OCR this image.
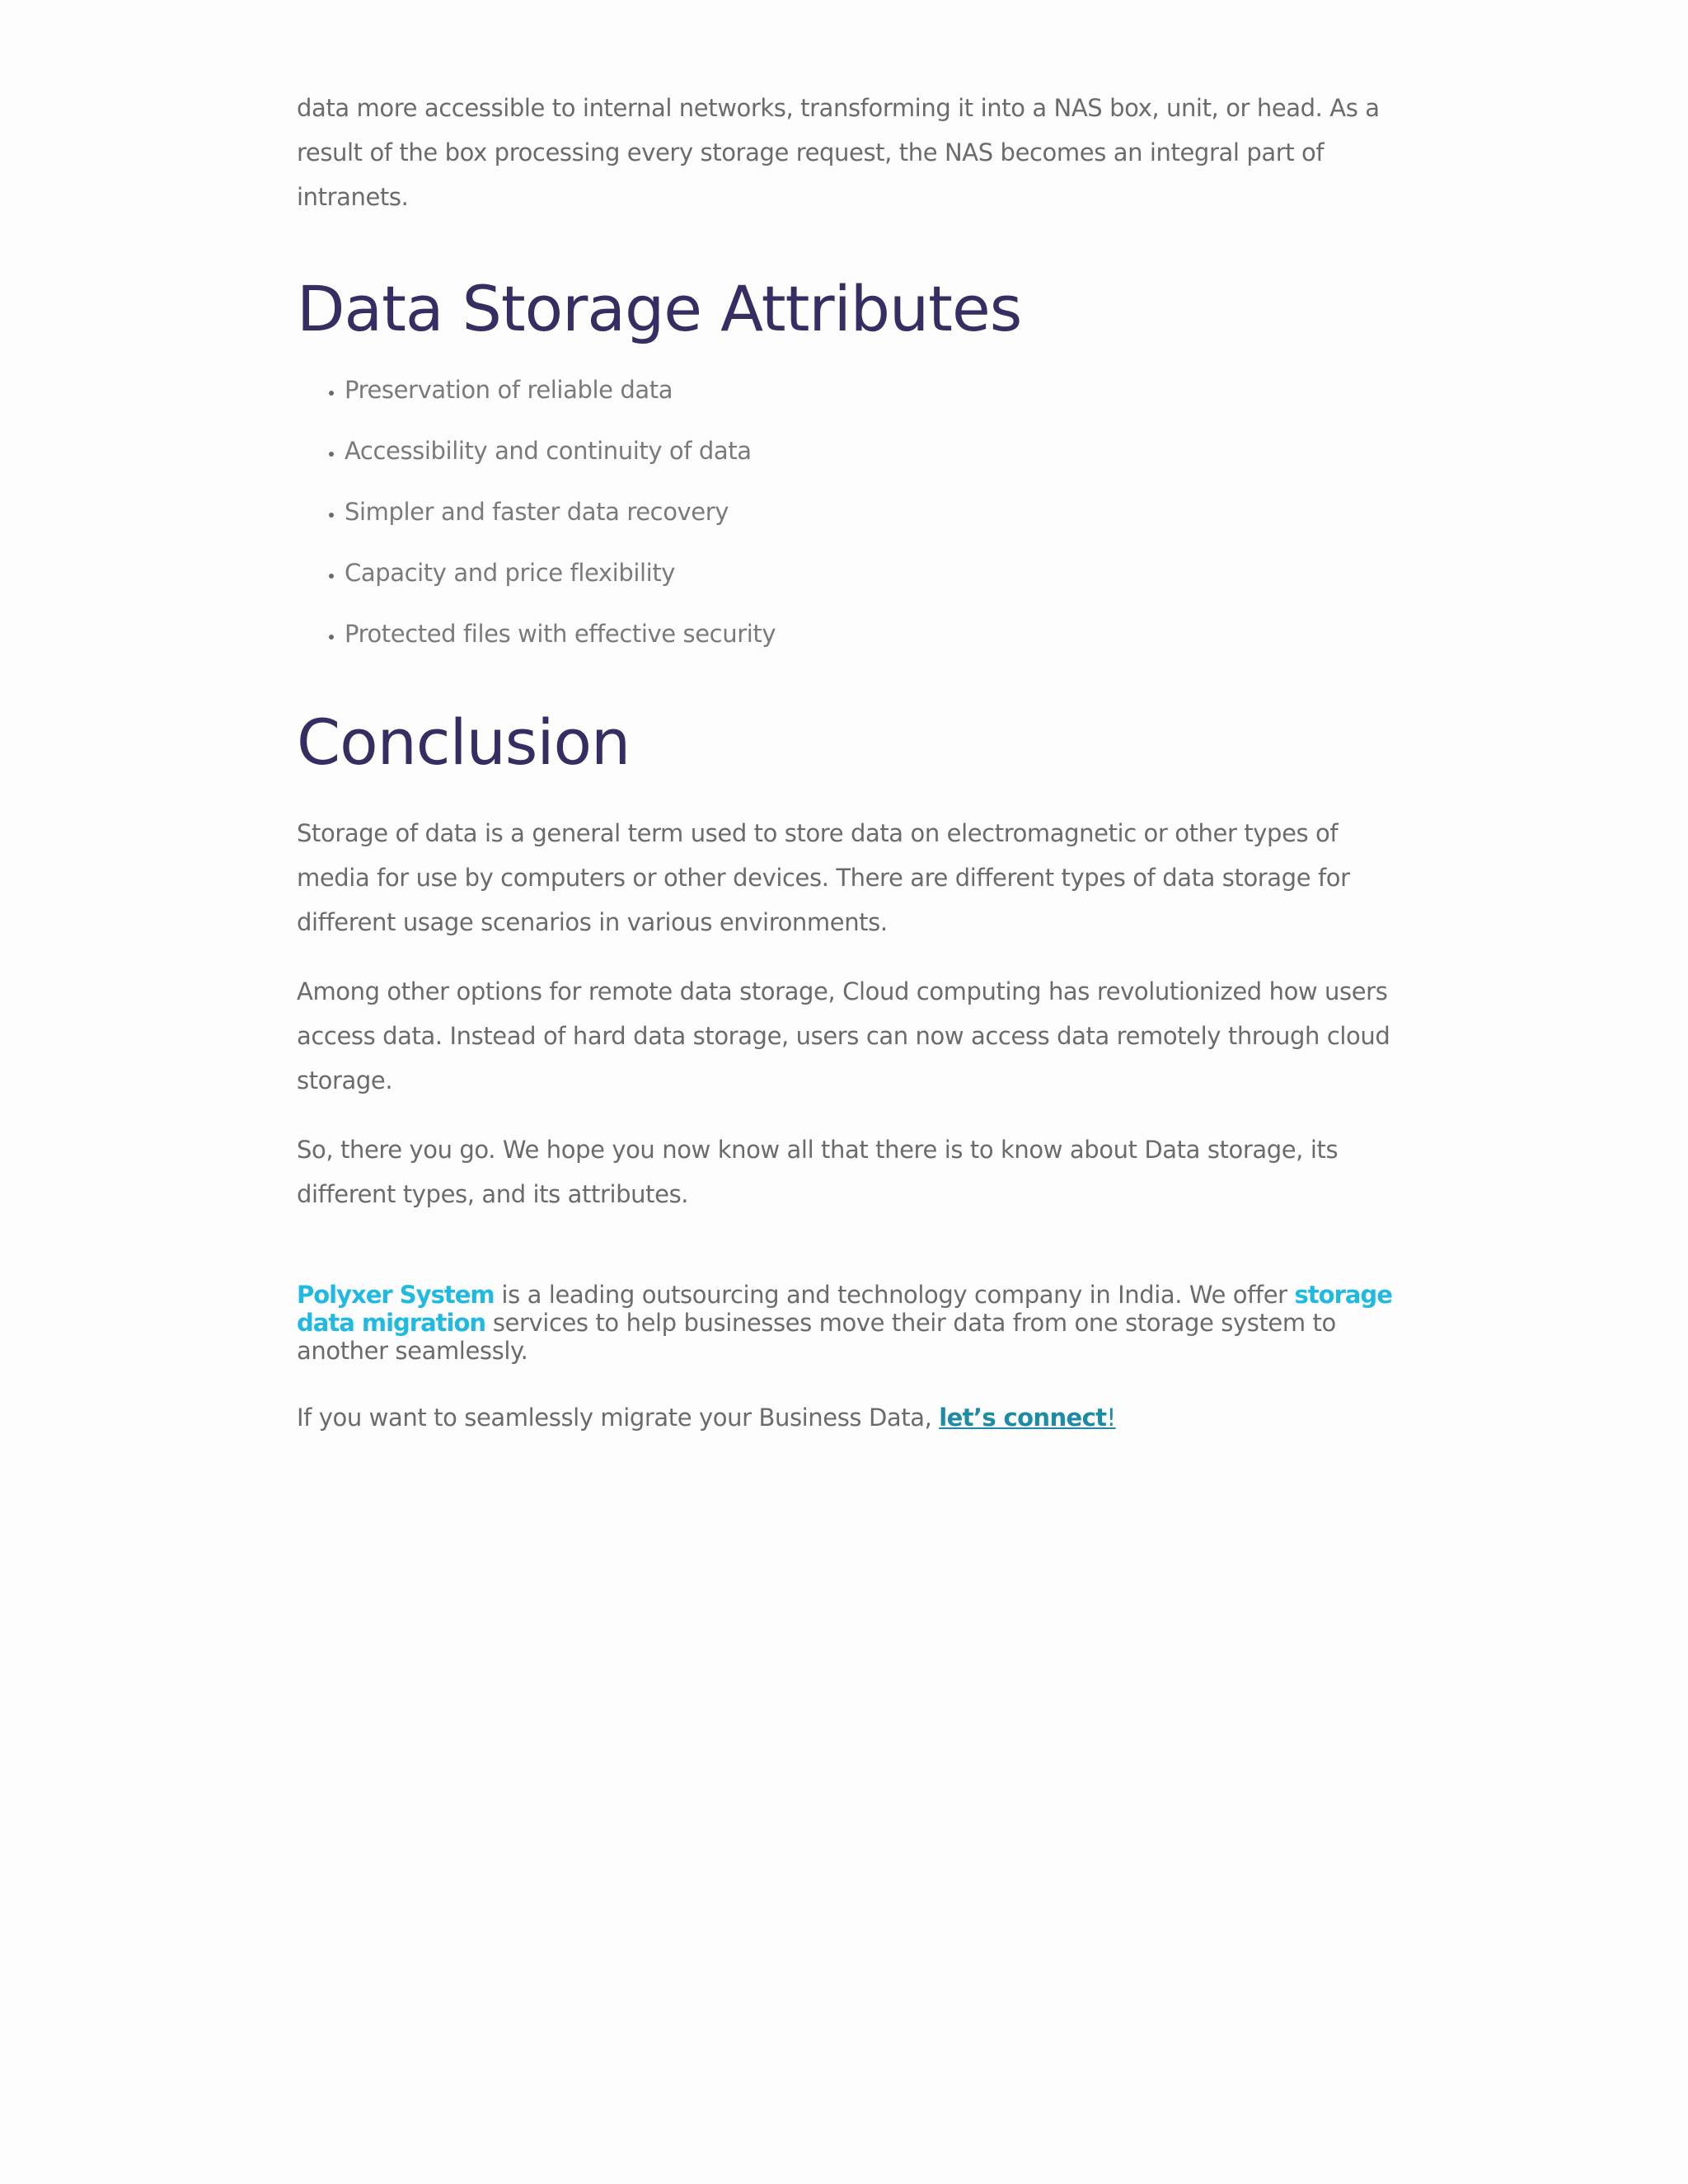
data more accessible to internal networks, transforming it into a NAS box, unit, or head. As a result of the box processing every storage request, the NAS becomes an integral part of intranets.

Data Storage Attributes
• Preservation of reliable data
• Accessibility and continuity of data
• Simpler and faster data recovery
• Capacity and price flexibility
• Protected files with effective security
Conclusion

Storage of data is a general term used to store data on electromagnetic or other types of media for use by computers or other devices. There are different types of data storage for different usage scenarios in various environments.

Among other options for remote data storage, Cloud computing has revolutionized how users access data. Instead of hard data storage, users can now access data remotely through cloud storage.

So, there you go. We hope you now know all that there is to know about Data storage, its different types, and its attributes.

Polyxer System is a leading outsourcing and technology company in India. We offer storage data migration services to help businesses move their data from one storage system to another seamlessly.

If you want to seamlessly migrate your Business Data, let’s connect!
